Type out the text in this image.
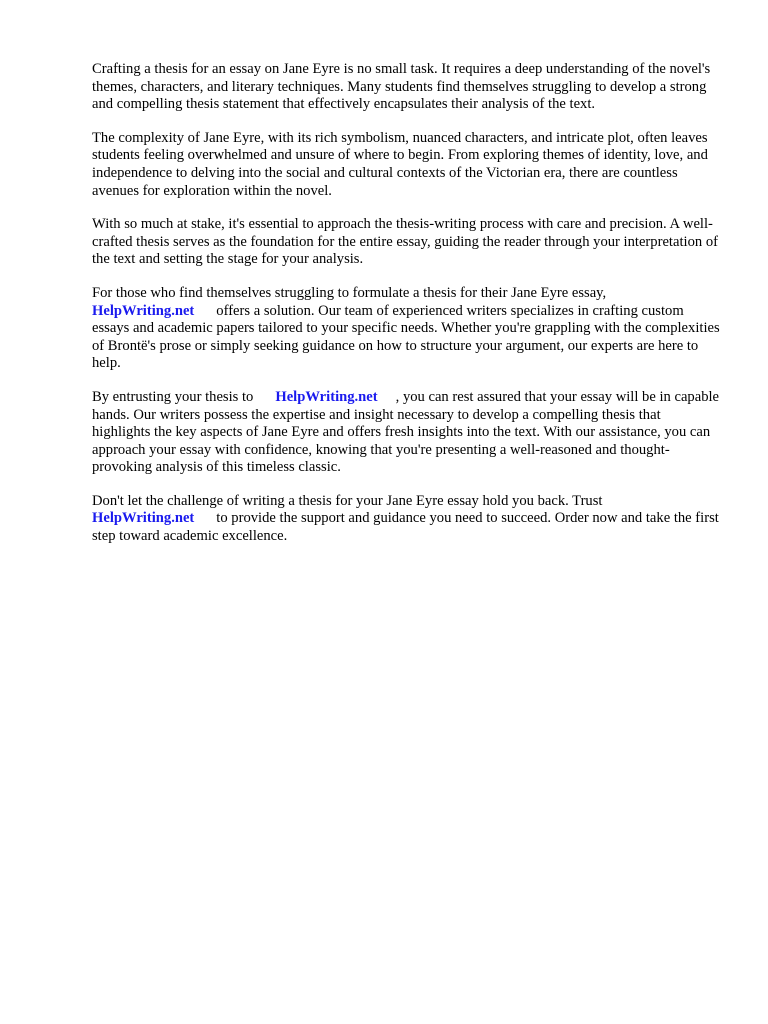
Crafting a thesis for an essay on Jane Eyre is no small task. It requires a deep understanding of the novel's themes, characters, and literary techniques. Many students find themselves struggling to develop a strong and compelling thesis statement that effectively encapsulates their analysis of the text.

The complexity of Jane Eyre, with its rich symbolism, nuanced characters, and intricate plot, often leaves students feeling overwhelmed and unsure of where to begin. From exploring themes of identity, love, and independence to delving into the social and cultural contexts of the Victorian era, there are countless avenues for exploration within the novel.

With so much at stake, it's essential to approach the thesis-writing process with care and precision. A well-crafted thesis serves as the foundation for the entire essay, guiding the reader through your interpretation of the text and setting the stage for your analysis.

For those who find themselves struggling to formulate a thesis for their Jane Eyre essay, HelpWriting.net offers a solution. Our team of experienced writers specializes in crafting custom essays and academic papers tailored to your specific needs. Whether you're grappling with the complexities of Brontë's prose or simply seeking guidance on how to structure your argument, our experts are here to help.

By entrusting your thesis to HelpWriting.net , you can rest assured that your essay will be in capable hands. Our writers possess the expertise and insight necessary to develop a compelling thesis that highlights the key aspects of Jane Eyre and offers fresh insights into the text. With our assistance, you can approach your essay with confidence, knowing that you're presenting a well-reasoned and thought-provoking analysis of this timeless classic.

Don't let the challenge of writing a thesis for your Jane Eyre essay hold you back. Trust HelpWriting.net to provide the support and guidance you need to succeed. Order now and take the first step toward academic excellence.
